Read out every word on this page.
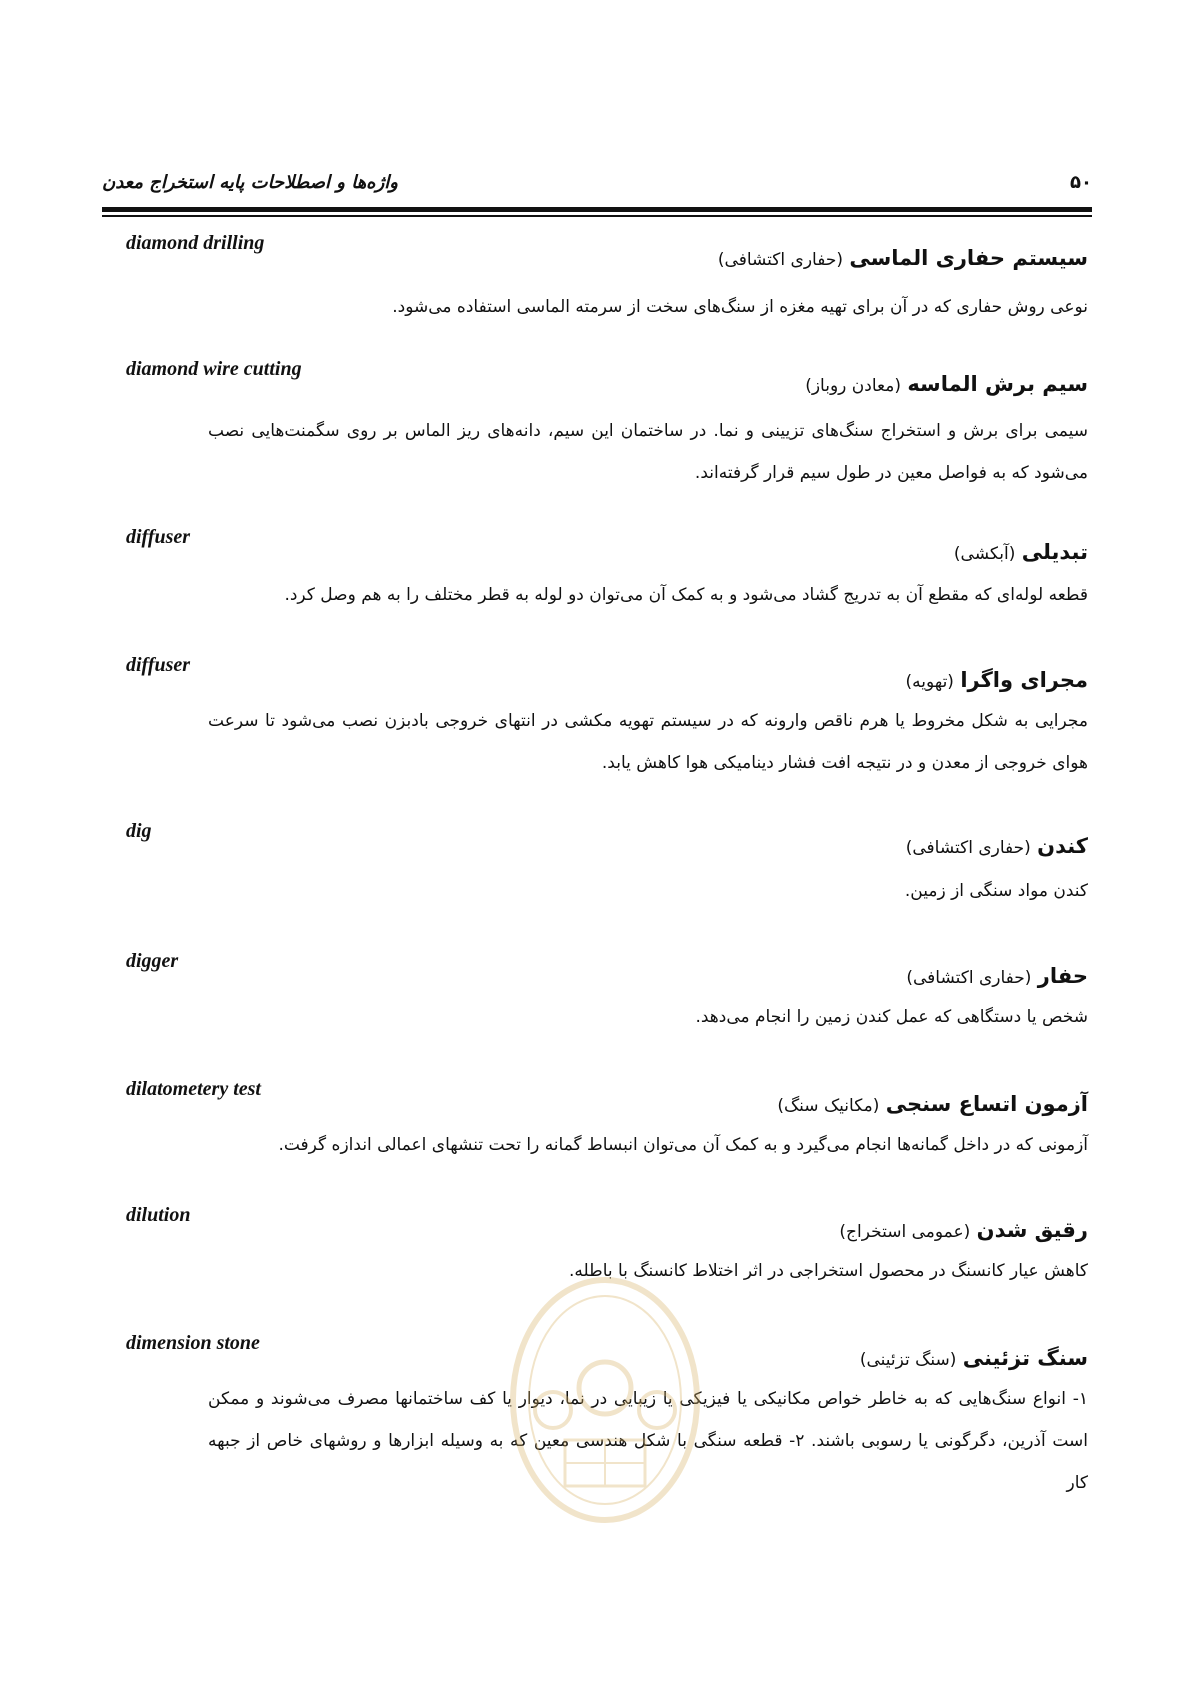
واژه‌ها و اصطلاحات پایه استخراج معدن	۵۰
diamond drilling
سیستم حفاری الماسی (حفاری اکتشافی)
نوعی روش حفاری که در آن برای تهیه مغزه از سنگ‌های سخت از سرمته الماسی استفاده می‌شود.
diamond wire cutting
سیم برش الماسه (معادن روباز)
سیمی برای برش و استخراج سنگ‌های تزیینی و نما. در ساختمان این سیم، دانه‌های ریز الماس بر روی سگمنت‌هایی نصب می‌شود که به فواصل معین در طول سیم قرار گرفته‌اند.
diffuser
تبدیلی (آبکشی)
قطعه لوله‌ای که مقطع آن به تدریج گشاد می‌شود و به کمک آن می‌توان دو لوله به قطر مختلف را به هم وصل کرد.
diffuser
مجرای واگرا (تهویه)
مجرایی به شکل مخروط یا هرم ناقص وارونه که در سیستم تهویه مکشی در انتهای خروجی بادبزن نصب می‌شود تا سرعت هوای خروجی از معدن و در نتیجه افت فشار دینامیکی هوا کاهش یابد.
dig
کندن (حفاری اکتشافی)
کندن مواد سنگی از زمین.
digger
حفار (حفاری اکتشافی)
شخص یا دستگاهی که عمل کندن زمین را انجام می‌دهد.
dilatometery test
آزمون اتساع سنجی (مکانیک سنگ)
آزمونی که در داخل گمانه‌ها انجام می‌گیرد و به کمک آن می‌توان انبساط گمانه را تحت تنشهای اعمالی اندازه گرفت.
dilution
رقیق شدن (عمومی استخراج)
کاهش عیار کانسنگ در محصول استخراجی در اثر اختلاط کانسنگ با باطله.
dimension stone
سنگ تزئینی (سنگ تزئینی)
۱- انواع سنگ‌هایی که به خاطر خواص مکانیکی یا فیزیکی یا زیبایی در نما، دیوار یا کف ساختمانها مصرف می‌شوند و ممکن است آذرین، دگرگونی یا رسوبی باشند. ۲- قطعه سنگی با شکل هندسی معین که به وسیله ابزارها و روشهای خاص از جبهه کار
